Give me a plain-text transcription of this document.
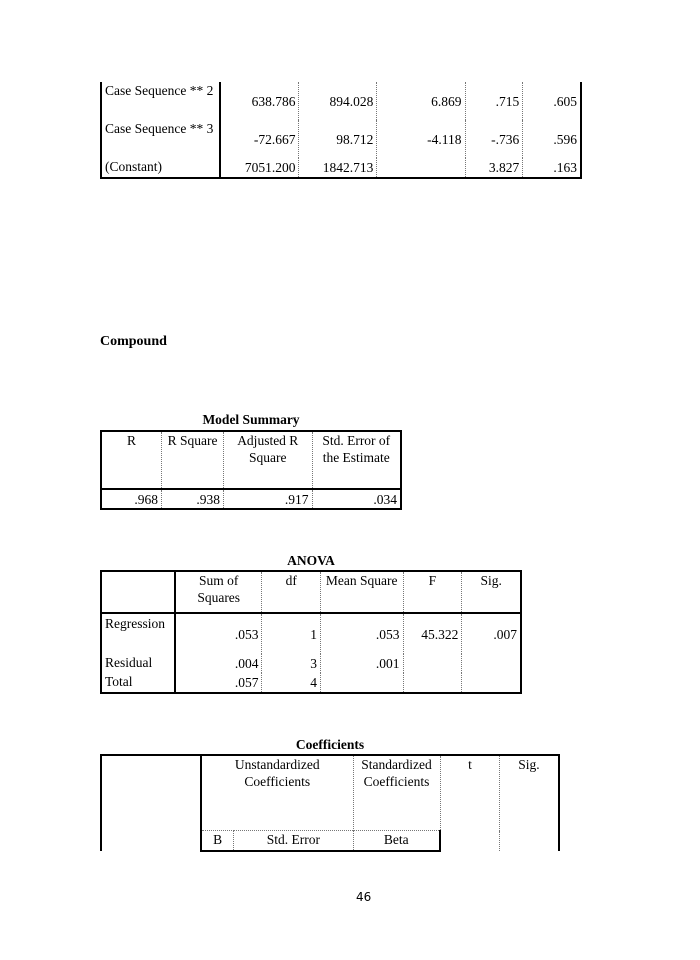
Case Sequence ** 2	638.786	894.028	6.869	.715	.605
Case Sequence ** 3	-72.667	98.712	-4.118	-.736	.596
(Constant)	7051.200	1842.713		3.827	.163
Compound
Model Summary
R	R Square	Adjusted R Square	Std. Error of the Estimate
.968	.938	.917	.034
ANOVA
	Sum of Squares	df	Mean Square	F	Sig.
Regression	.053	1	.053	45.322	.007
Residual	.004	3	.001		
Total	.057	4			
Coefficients
	Unstandardized Coefficients		Standardized Coefficients	t	Sig.
	B	Std. Error	Beta		
46
